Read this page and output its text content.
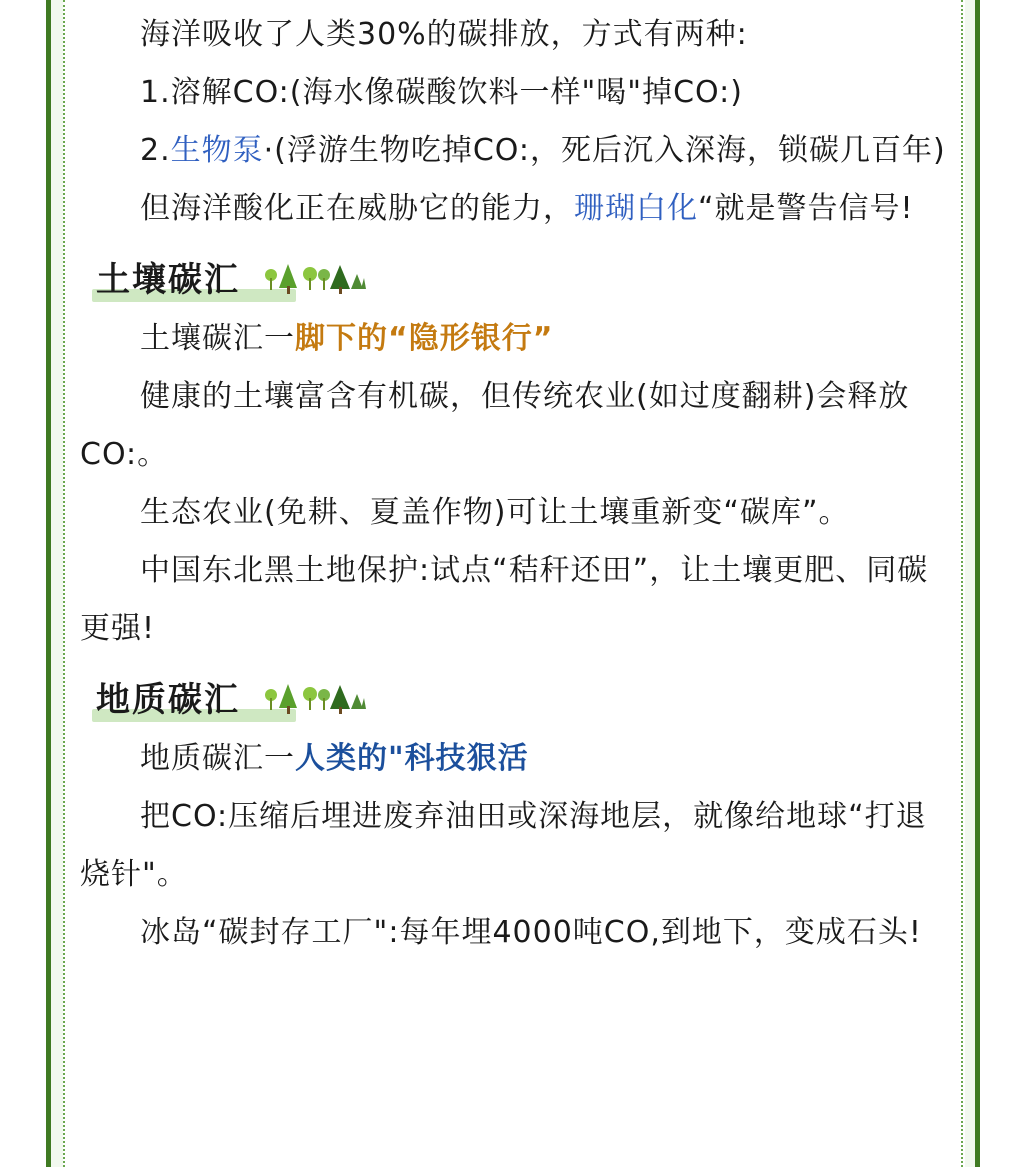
海洋吸收了人类30%的碳排放，方式有两种:

1.溶解CO:(海水像碳酸饮料一样"喝"掉CO:)

2.生物泵·(浮游生物吃掉CO:，死后沉入深海，锁碳几百年)

但海洋酸化正在威胁它的能力，珊瑚白化“就是警告信号!

土壤碳汇

土壤碳汇一脚下的“隐形银行”

健康的土壤富含有机碳，但传统农业(如过度翻耕)会释放CO:。

生态农业(免耕、夏盖作物)可让土壤重新变“碳库”。

中国东北黑土地保护:试点“秸秆还田”，让土壤更肥、同碳更强!

地质碳汇

地质碳汇一人类的"科技狠活

把CO:压缩后埋进废弃油田或深海地层，就像给地球“打退烧针"。

冰岛“碳封存工厂":每年埋4000吨CO,到地下，变成石头!
